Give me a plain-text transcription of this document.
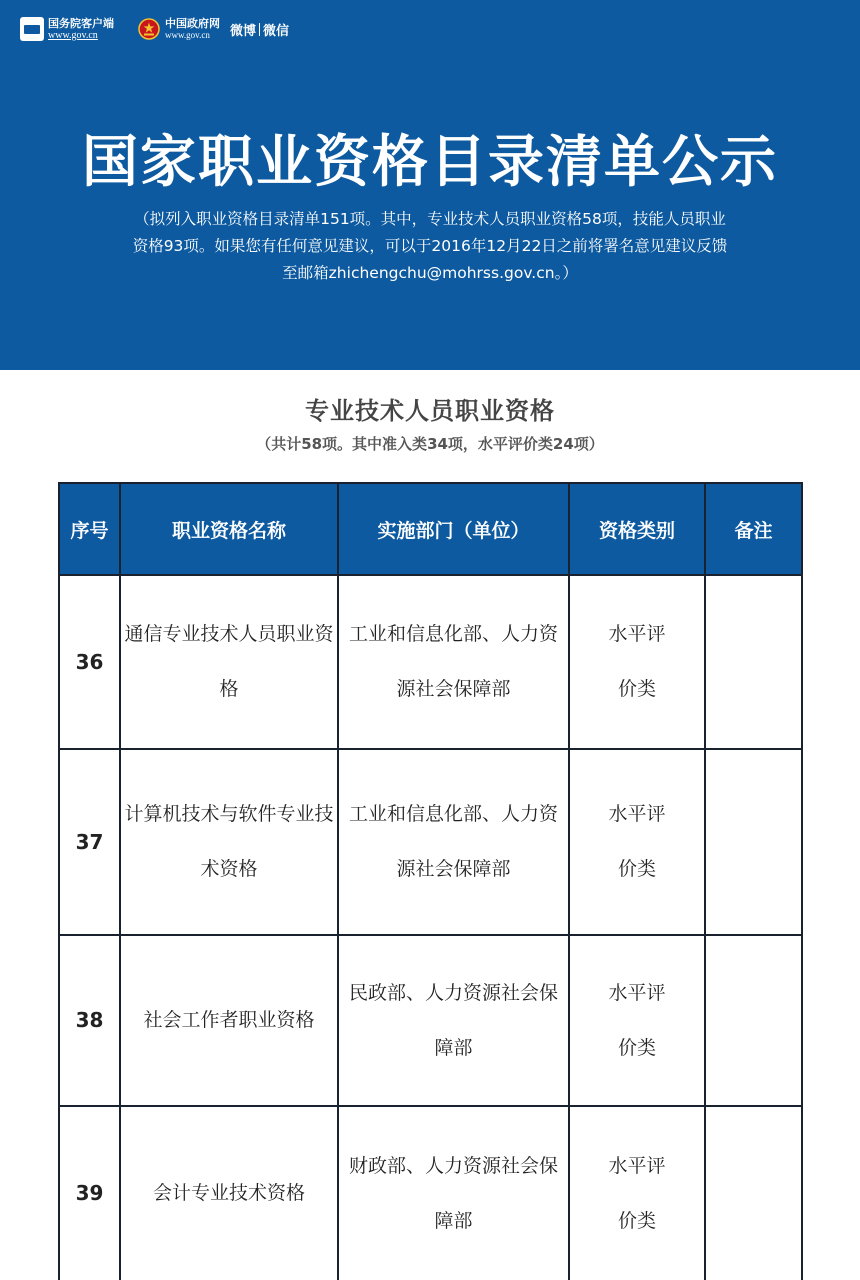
国务院客户端
www.gov.cn
中国政府网
www.gov.cn	微博 微信
国家职业资格目录清单公示
（拟列入职业资格目录清单151项。其中，专业技术人员职业资格58项，技能人员职业资格93项。如果您有任何意见建议，可以于2016年12月22日之前将署名意见建议反馈至邮箱zhichengchu@mohrss.gov.cn。）
专业技术人员职业资格
（共计58项。其中准入类34项，水平评价类24项）
序号	职业资格名称	实施部门（单位）	资格类别	备注
36	通信专业技术人员职业资格	工业和信息化部、人力资源社会保障部	水平评价类	
37	计算机技术与软件专业技术资格	工业和信息化部、人力资源社会保障部	水平评价类	
38	社会工作者职业资格	民政部、人力资源社会保障部	水平评价类	
39	会计专业技术资格	财政部、人力资源社会保障部	水平评价类	
